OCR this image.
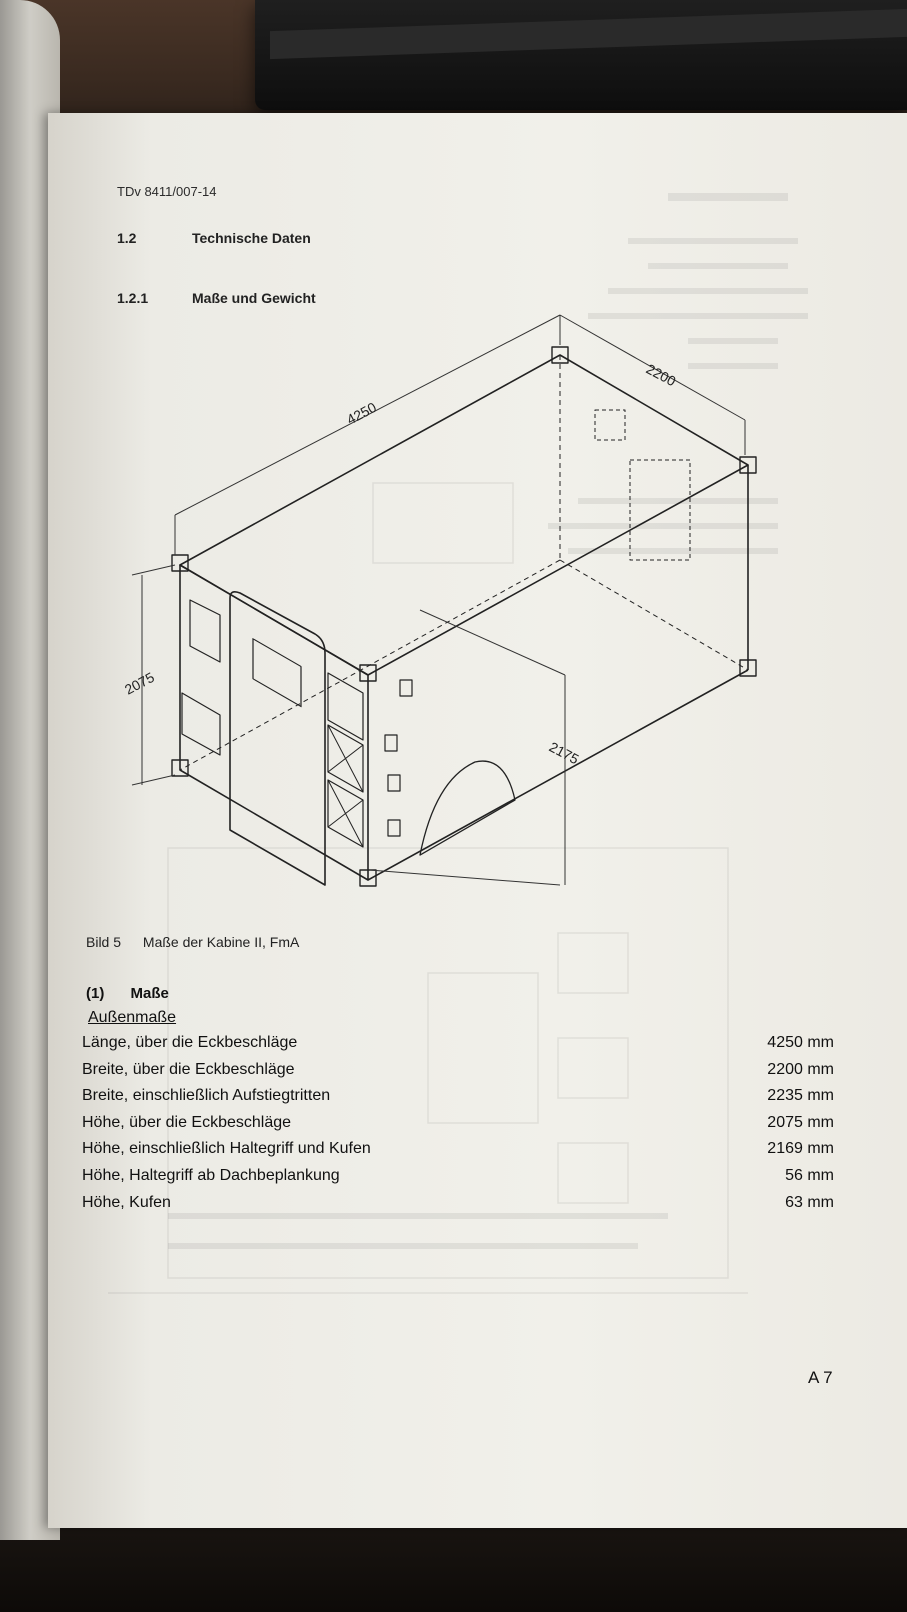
TDv 8411/007-14
1.2	Technische Daten
1.2.1	Maße und Gewicht
4250
2200
2075
2175
Bild 5 Maße der Kabine II, FmA
(1) Maße
Außenmaße
Länge, über die Eckbeschläge	4250 mm
Breite, über die Eckbeschläge	2200 mm
Breite, einschließlich Aufstiegtritten	2235 mm
Höhe, über die Eckbeschläge	2075 mm
Höhe, einschließlich Haltegriff und Kufen	2169 mm
Höhe, Haltegriff ab Dachbeplankung	56 mm
Höhe, Kufen	63 mm
A 7
